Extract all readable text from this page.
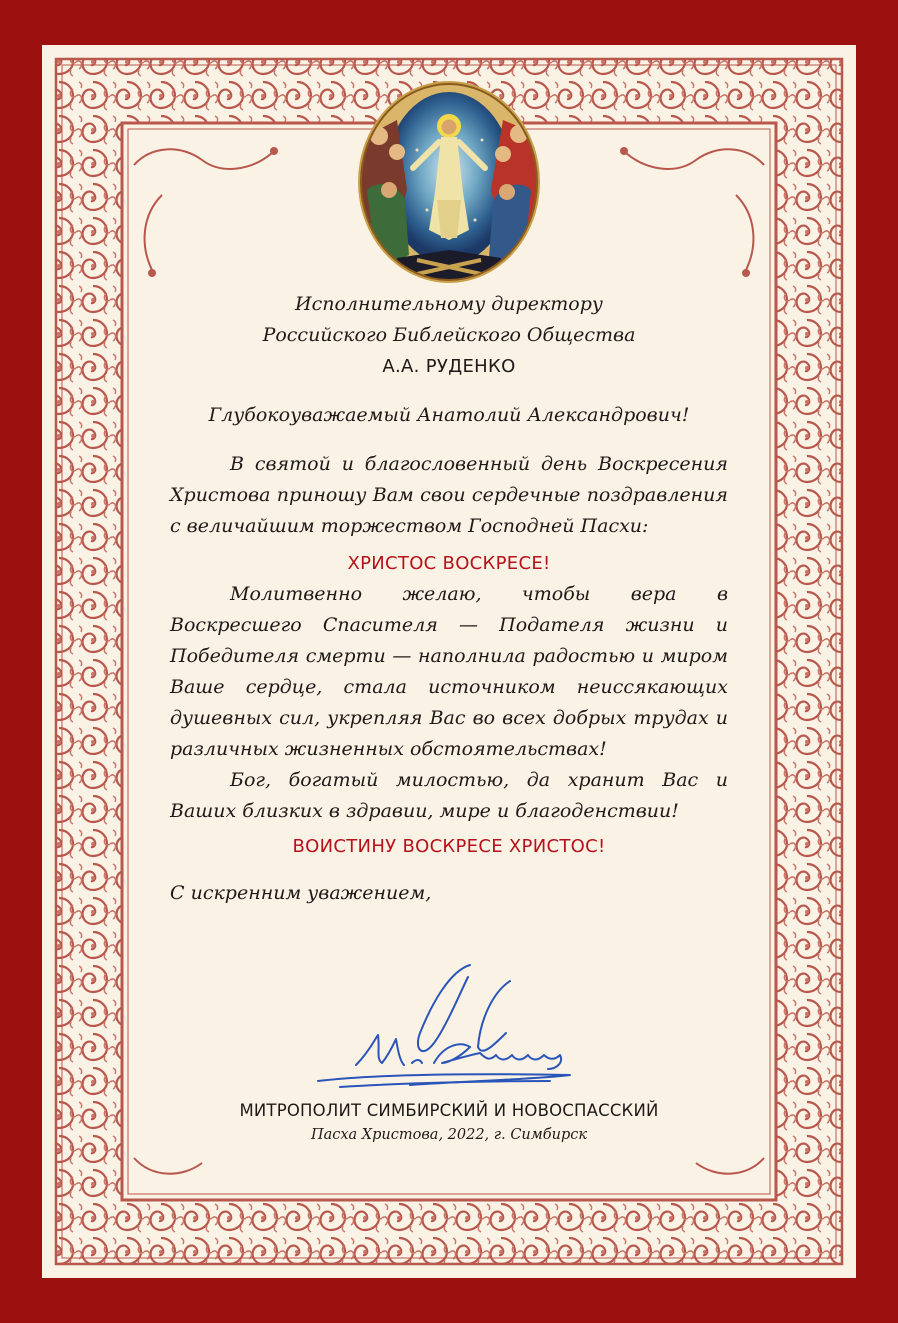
Исполнительному директору

Российского Библейского Общества

А.А. РУДЕНКО

Глубокоуважаемый Анатолий Александрович!

В святой и благословенный день Воскресения Христова приношу Вам свои сердечные поздравления с величайшим торжеством Господней Пасхи:

ХРИСТОС ВОСКРЕСЕ!

Молитвенно желаю, чтобы вера в Воскресшего Спасителя — Подателя жизни и Победителя смерти — наполнила радостью и миром Ваше сердце, стала источником неиссякающих душевных сил, укрепляя Вас во всех добрых трудах и различных жизненных обстоятельствах!

Бог, богатый милостью, да хранит Вас и Ваших близких в здравии, мире и благоденствии!

ВОИСТИНУ ВОСКРЕСЕ ХРИСТОС!

С искренним уважением,

МИТРОПОЛИТ СИМБИРСКИЙ И НОВОСПАССКИЙ
Пасха Христова, 2022, г. Симбирск
